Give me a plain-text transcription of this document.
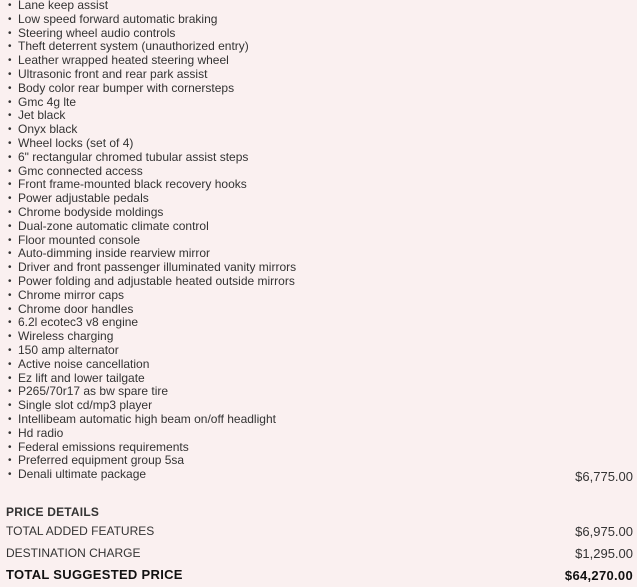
• Lane keep assist
• Low speed forward automatic braking
• Steering wheel audio controls
• Theft deterrent system (unauthorized entry)
• Leather wrapped heated steering wheel
• Ultrasonic front and rear park assist
• Body color rear bumper with cornersteps
• Gmc 4g lte
• Jet black
• Onyx black
• Wheel locks (set of 4)
• 6" rectangular chromed tubular assist steps
• Gmc connected access
• Front frame-mounted black recovery hooks
• Power adjustable pedals
• Chrome bodyside moldings
• Dual-zone automatic climate control
• Floor mounted console
• Auto-dimming inside rearview mirror
• Driver and front passenger illuminated vanity mirrors
• Power folding and adjustable heated outside mirrors
• Chrome mirror caps
• Chrome door handles
• 6.2l ecotec3 v8 engine
• Wireless charging
• 150 amp alternator
• Active noise cancellation
• Ez lift and lower tailgate
• P265/70r17 as bw spare tire
• Single slot cd/mp3 player
• Intellibeam automatic high beam on/off headlight
• Hd radio
• Federal emissions requirements
• Preferred equipment group 5sa
• Denali ultimate package	$6,775.00
PRICE DETAILS
TOTAL ADDED FEATURES	$6,975.00
DESTINATION CHARGE	$1,295.00
TOTAL SUGGESTED PRICE	$64,270.00
